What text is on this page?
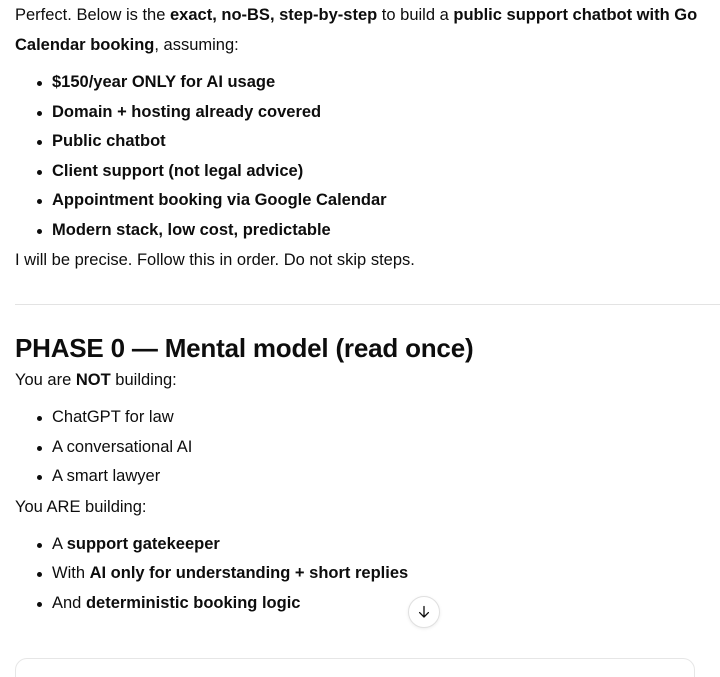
Perfect. Below is the exact, no-BS, step-by-step to build a public support chatbot with Go

Calendar booking, assuming:

$150/year ONLY for AI usage
Domain + hosting already covered
Public chatbot
Client support (not legal advice)
Appointment booking via Google Calendar
Modern stack, low cost, predictable

I will be precise. Follow this in order. Do not skip steps.

PHASE 0 — Mental model (read once)

You are NOT building:

ChatGPT for law
A conversational AI
A smart lawyer

You ARE building:

A support gatekeeper
With AI only for understanding + short replies
And deterministic booking logic
